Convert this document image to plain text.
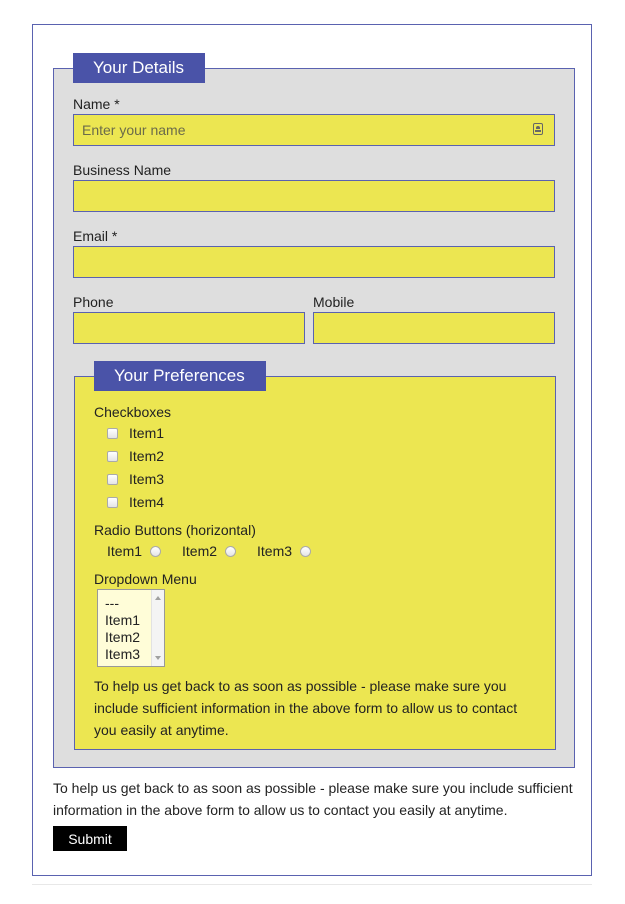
Your Details
Name *
Enter your name
Business Name
Email *
Phone	Mobile
Your Preferences
Checkboxes
Item1
Item2
Item3
Item4
Radio Buttons (horizontal)
Item1	Item2	Item3
Dropdown Menu
---
Item1
Item2
Item3
To help us get back to as soon as possible - please make sure you include sufficient information in the above form to allow us to contact you easily at anytime.
To help us get back to as soon as possible - please make sure you include sufficient information in the above form to allow us to contact you easily at anytime.
Submit
